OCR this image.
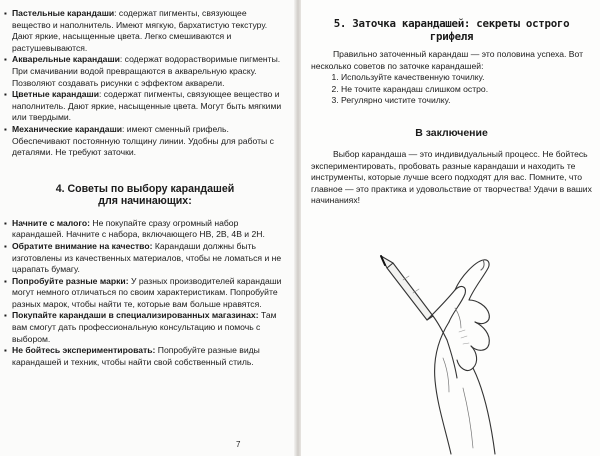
▪ Пастельные карандаши: содержат пигменты, связующее вещество и наполнитель. Имеют мягкую, бархатистую текстуру. Дают яркие, насыщенные цвета. Легко смешиваются и растушевываются.
▪ Акварельные карандаши: содержат водорастворимые пигменты. При смачивании водой превращаются в акварельную краску. Позволяют создавать рисунки с эффектом акварели.
▪ Цветные карандаши: содержат пигменты, связующее вещество и наполнитель. Дают яркие, насыщенные цвета. Могут быть мягкими или твердыми.
▪ Механические карандаши: имеют сменный грифель. Обеспечивают постоянную толщину линии. Удобны для работы с деталями. Не требуют заточки.
4. Советы по выбору карандашей
для начинающих:
▪ Начните с малого: Не покупайте сразу огромный набор карандашей. Начните с набора, включающего HB, 2B, 4B и 2H.
▪ Обратите внимание на качество: Карандаши должны быть изготовлены из качественных материалов, чтобы не ломаться и не царапать бумагу.
▪ Попробуйте разные марки: У разных производителей карандаши могут немного отличаться по своим характеристикам. Попробуйте разных марок, чтобы найти те, которые вам больше нравятся.
▪ Покупайте карандаши в специализированных магазинах: Там вам смогут дать профессиональную консультацию и помочь с выбором.
▪ Не бойтесь экспериментировать: Попробуйте разные виды карандашей и техник, чтобы найти свой собственный стиль.
7
5. Заточка карандашей: секреты острого
грифеля

Правильно заточенный карандаш — это половина успеха. Вот несколько советов по заточке карандашей:

1. Используйте качественную точилку.
2. Не точите карандаш слишком остро.
3. Регулярно чистите точилку.
В заключение

Выбор карандаша — это индивидуальный процесс. Не бойтесь экспериментировать, пробовать разные карандаши и находить те инструменты, которые лучше всего подходят для вас. Помните, что главное — это практика и удовольствие от творчества! Удачи в ваших начинаниях!
